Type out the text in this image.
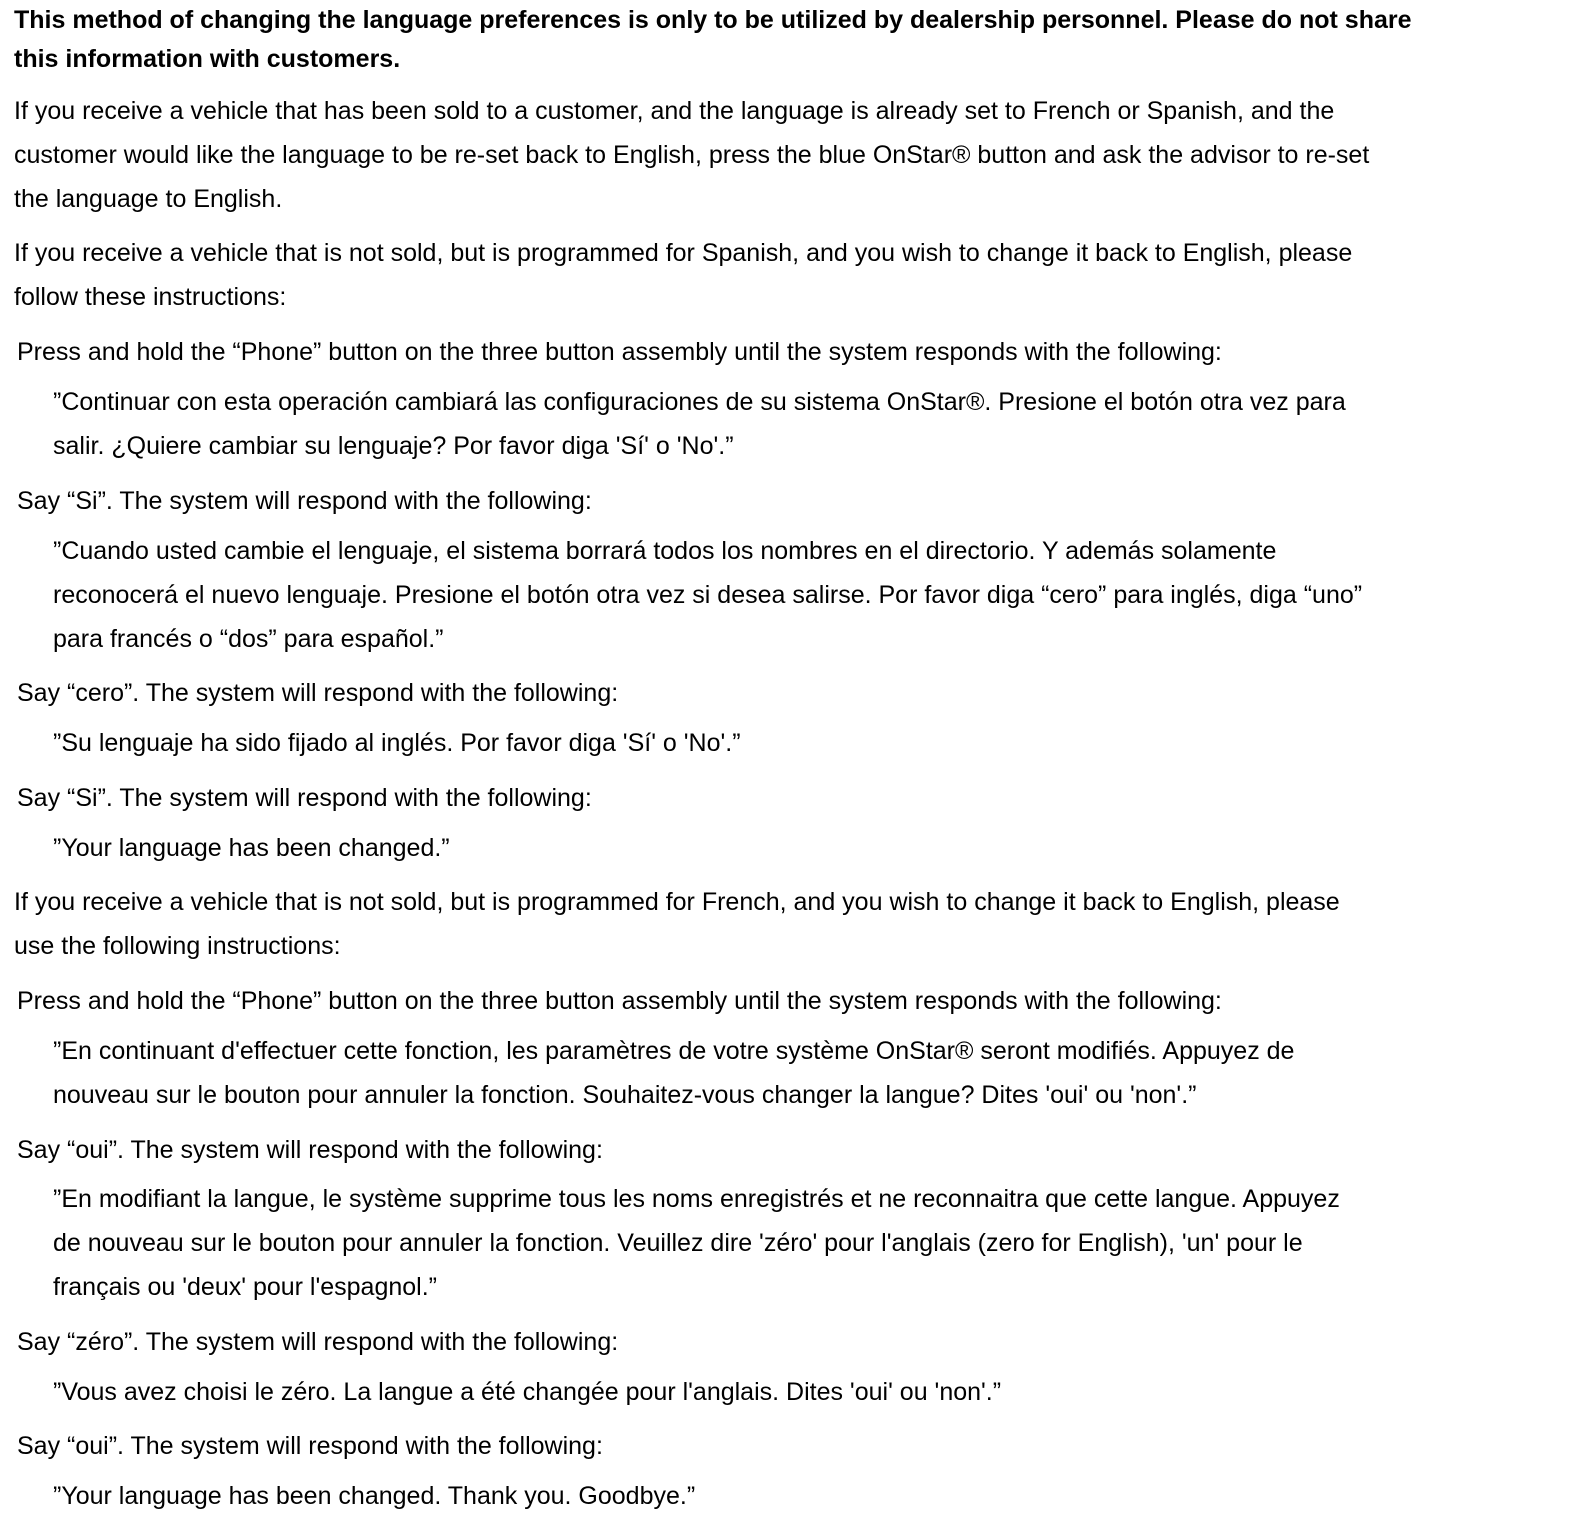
This method of changing the language preferences is only to be utilized by dealership personnel. Please do not share
this information with customers.
If you receive a vehicle that has been sold to a customer, and the language is already set to French or Spanish, and the
customer would like the language to be re-set back to English, press the blue OnStar® button and ask the advisor to re-set
the language to English.
If you receive a vehicle that is not sold, but is programmed for Spanish, and you wish to change it back to English, please
follow these instructions:
Press and hold the “Phone” button on the three button assembly until the system responds with the following:
”Continuar con esta operación cambiará las configuraciones de su sistema OnStar®. Presione el botón otra vez para
salir. ¿Quiere cambiar su lenguaje? Por favor diga 'Sí' o 'No'.”
Say “Si”. The system will respond with the following:
”Cuando usted cambie el lenguaje, el sistema borrará todos los nombres en el directorio. Y además solamente
reconocerá el nuevo lenguaje. Presione el botón otra vez si desea salirse. Por favor diga “cero” para inglés, diga “uno”
para francés o “dos” para español.”
Say “cero”. The system will respond with the following:
”Su lenguaje ha sido fijado al inglés. Por favor diga 'Sí' o 'No'.”
Say “Si”. The system will respond with the following:
”Your language has been changed.”
If you receive a vehicle that is not sold, but is programmed for French, and you wish to change it back to English, please
use the following instructions:
Press and hold the “Phone” button on the three button assembly until the system responds with the following:
”En continuant d'effectuer cette fonction, les paramètres de votre système OnStar® seront modifiés. Appuyez de
nouveau sur le bouton pour annuler la fonction. Souhaitez-vous changer la langue? Dites 'oui' ou 'non'.”
Say “oui”. The system will respond with the following:
”En modifiant la langue, le système supprime tous les noms enregistrés et ne reconnaitra que cette langue. Appuyez
de nouveau sur le bouton pour annuler la fonction. Veuillez dire 'zéro' pour l'anglais (zero for English), 'un' pour le
français ou 'deux' pour l'espagnol.”
Say “zéro”. The system will respond with the following:
”Vous avez choisi le zéro. La langue a été changée pour l'anglais. Dites 'oui' ou 'non'.”
Say “oui”. The system will respond with the following:
”Your language has been changed. Thank you. Goodbye.”
